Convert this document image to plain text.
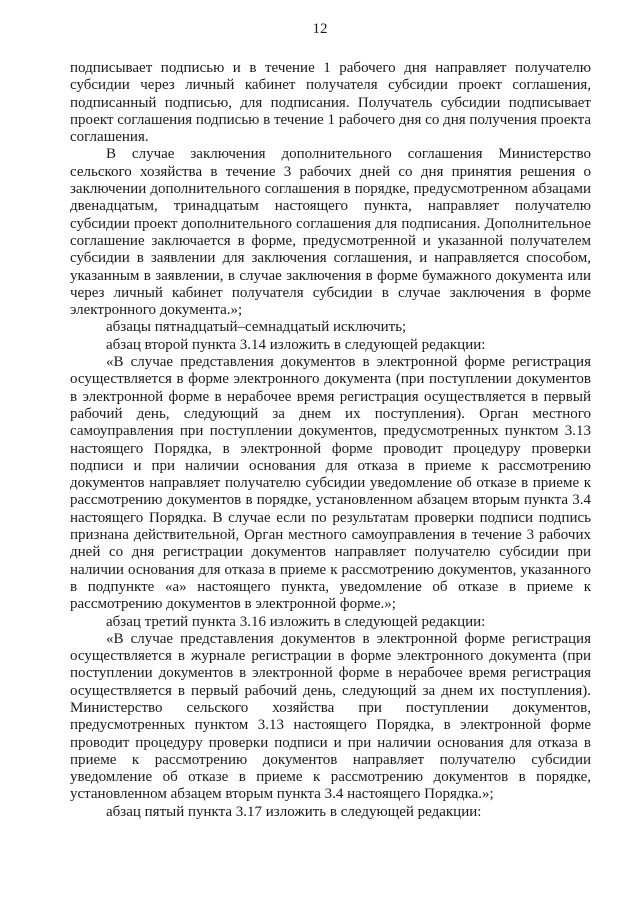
12

подписывает подписью и в течение 1 рабочего дня направляет получателю субсидии через личный кабинет получателя субсидии проект соглашения, подписанный подписью, для подписания. Получатель субсидии подписывает проект соглашения подписью в течение 1 рабочего дня со дня получения проекта соглашения.

В случае заключения дополнительного соглашения Министерство сельского хозяйства в течение 3 рабочих дней со дня принятия решения о заключении дополнительного соглашения в порядке, предусмотренном абзацами двенадцатым, тринадцатым настоящего пункта, направляет получателю субсидии проект дополнительного соглашения для подписания. Дополнительное соглашение заключается в форме, предусмотренной и указанной получателем субсидии в заявлении для заключения соглашения, и направляется способом, указанным в заявлении, в случае заключения в форме бумажного документа или через личный кабинет получателя субсидии в случае заключения в форме электронного документа.»;

абзацы пятнадцатый–семнадцатый исключить;

абзац второй пункта 3.14 изложить в следующей редакции:

«В случае представления документов в электронной форме регистрация осуществляется в форме электронного документа (при поступлении документов в электронной форме в нерабочее время регистрация осуществляется в первый рабочий день, следующий за днем их поступления). Орган местного самоуправления при поступлении документов, предусмотренных пунктом 3.13 настоящего Порядка, в электронной форме проводит процедуру проверки подписи и при наличии основания для отказа в приеме к рассмотрению документов направляет получателю субсидии уведомление об отказе в приеме к рассмотрению документов в порядке, установленном абзацем вторым пункта 3.4 настоящего Порядка. В случае если по результатам проверки подписи подпись признана действительной, Орган местного самоуправления в течение 3 рабочих дней со дня регистрации документов направляет получателю субсидии при наличии основания для отказа в приеме к рассмотрению документов, указанного в подпункте «а» настоящего пункта, уведомление об отказе в приеме к рассмотрению документов в электронной форме.»;

абзац третий пункта 3.16 изложить в следующей редакции:

«В случае представления документов в электронной форме регистрация осуществляется в журнале регистрации в форме электронного документа (при поступлении документов в электронной форме в нерабочее время регистрация осуществляется в первый рабочий день, следующий за днем их поступления). Министерство сельского хозяйства при поступлении документов, предусмотренных пунктом 3.13 настоящего Порядка, в электронной форме проводит процедуру проверки подписи и при наличии основания для отказа в приеме к рассмотрению документов направляет получателю субсидии уведомление об отказе в приеме к рассмотрению документов в порядке, установленном абзацем вторым пункта 3.4 настоящего Порядка.»;

абзац пятый пункта 3.17 изложить в следующей редакции:
